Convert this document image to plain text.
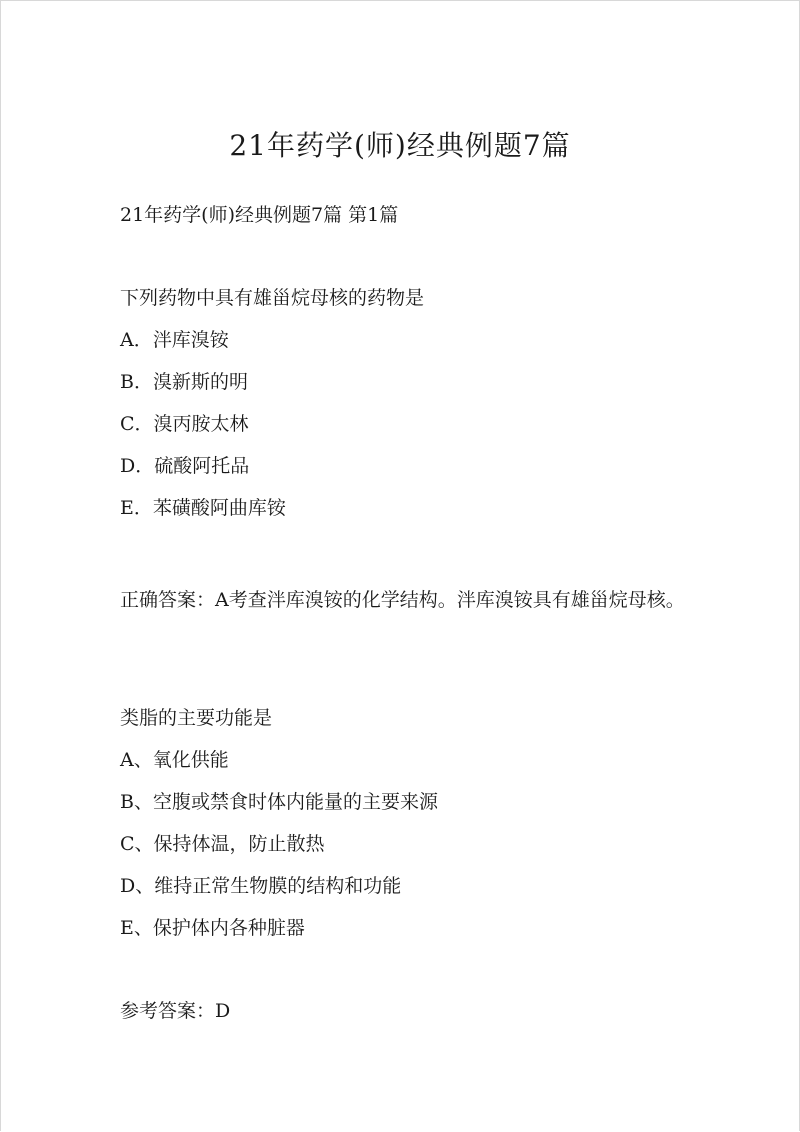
21年药学(师)经典例题7篇

21年药学(师)经典例题7篇 第1篇

下列药物中具有雄甾烷母核的药物是

A．泮库溴铵

B．溴新斯的明

C．溴丙胺太林

D．硫酸阿托品

E．苯磺酸阿曲库铵

正确答案：A考查泮库溴铵的化学结构。泮库溴铵具有雄甾烷母核。

类脂的主要功能是

A、氧化供能

B、空腹或禁食时体内能量的主要来源

C、保持体温，防止散热

D、维持正常生物膜的结构和功能

E、保护体内各种脏器

参考答案：D
